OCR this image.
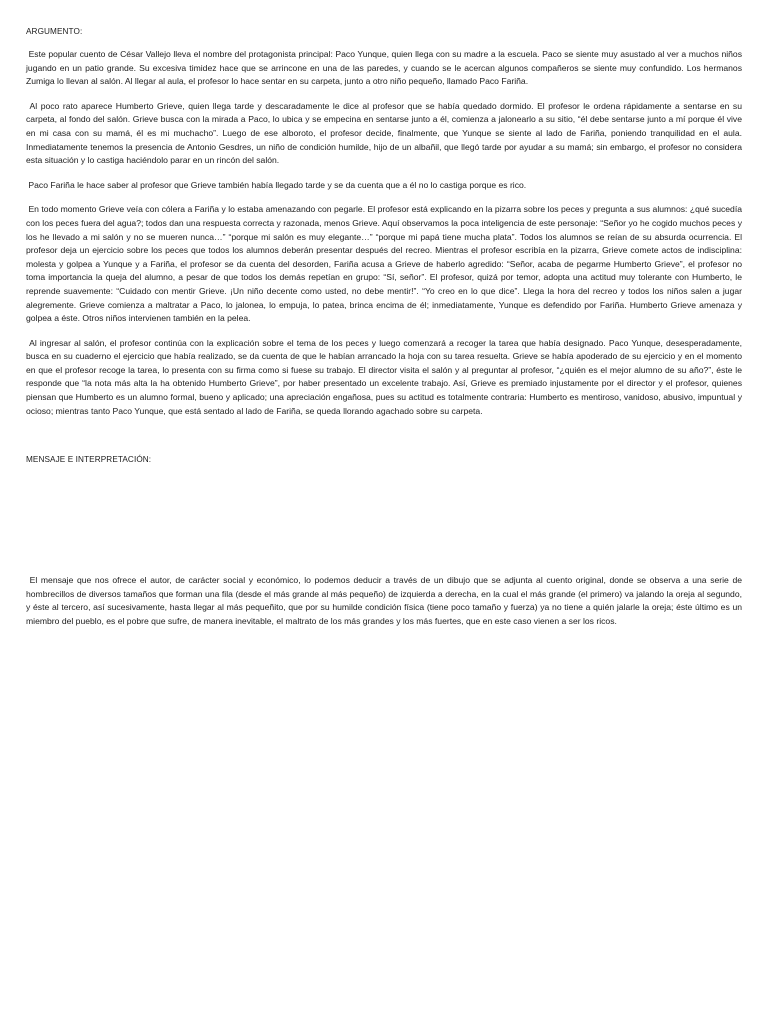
ARGUMENTO:

Este popular cuento de César Vallejo lleva el nombre del protagonista principal: Paco Yunque, quien llega con su madre a la escuela. Paco se siente muy asustado al ver a muchos niños jugando en un patio grande. Su excesiva timidez hace que se arrincone en una de las paredes, y cuando se le acercan algunos compañeros se siente muy confundido. Los hermanos Zumiga lo llevan al salón. Al llegar al aula, el profesor lo hace sentar en su carpeta, junto a otro niño pequeño, llamado Paco Fariña.

Al poco rato aparece Humberto Grieve, quien llega tarde y descaradamente le dice al profesor que se había quedado dormido. El profesor le ordena rápidamente a sentarse en su carpeta, al fondo del salón. Grieve busca con la mirada a Paco, lo ubica y se empecina en sentarse junto a él, comienza a jalonearlo a su sitio, “él debe sentarse junto a mí porque él vive en mi casa con su mamá, él es mi muchacho”. Luego de ese alboroto, el profesor decide, finalmente, que Yunque se siente al lado de Fariña, poniendo tranquilidad en el aula. Inmediatamente tenemos la presencia de Antonio Gesdres, un niño de condición humilde, hijo de un albañil, que llegó tarde por ayudar a su mamá; sin embargo, el profesor no considera esta situación y lo castiga haciéndolo parar en un rincón del salón.

Paco Fariña le hace saber al profesor que Grieve también había llegado tarde y se da cuenta que a él no lo castiga porque es rico.

En todo momento Grieve veía con cólera a Fariña y lo estaba amenazando con pegarle. El profesor está explicando en la pizarra sobre los peces y pregunta a sus alumnos: ¿qué sucedía con los peces fuera del agua?; todos dan una respuesta correcta y razonada, menos Grieve. Aquí observamos la poca inteligencia de este personaje: “Señor yo he cogido muchos peces y los he llevado a mi salón y no se mueren nunca…” “porque mi salón es muy elegante…” “porque mi papá tiene mucha plata”. Todos los alumnos se reían de su absurda ocurrencia. El profesor deja un ejercicio sobre los peces que todos los alumnos deberán presentar después del recreo. Mientras el profesor escribía en la pizarra, Grieve comete actos de indisciplina: molesta y golpea a Yunque y a Fariña, el profesor se da cuenta del desorden, Fariña acusa a Grieve de haberlo agredido: “Señor, acaba de pegarme Humberto Grieve”, el profesor no toma importancia la queja del alumno, a pesar de que todos los demás repetían en grupo: “Sí, señor”. El profesor, quizá por temor, adopta una actitud muy tolerante con Humberto, le reprende suavemente: “Cuidado con mentir Grieve. ¡Un niño decente como usted, no debe mentir!”. “Yo creo en lo que dice”. Llega la hora del recreo y todos los niños salen a jugar alegremente. Grieve comienza a maltratar a Paco, lo jalonea, lo empuja, lo patea, brinca encima de él; inmediatamente, Yunque es defendido por Fariña. Humberto Grieve amenaza y golpea a éste. Otros niños intervienen también en la pelea.

Al ingresar al salón, el profesor continúa con la explicación sobre el tema de los peces y luego comenzará a recoger la tarea que había designado. Paco Yunque, desesperadamente, busca en su cuaderno el ejercicio que había realizado, se da cuenta de que le habían arrancado la hoja con su tarea resuelta. Grieve se había apoderado de su ejercicio y en el momento en que el profesor recoge la tarea, lo presenta con su firma como si fuese su trabajo. El director visita el salón y al preguntar al profesor, “¿quién es el mejor alumno de su año?”, éste le responde que “la nota más alta la ha obtenido Humberto Grieve”, por haber presentado un excelente trabajo. Así, Grieve es premiado injustamente por el director y el profesor, quienes piensan que Humberto es un alumno formal, bueno y aplicado; una apreciación engañosa, pues su actitud es totalmente contraria: Humberto es mentiroso, vanidoso, abusivo, impuntual y ocioso; mientras tanto Paco Yunque, que está sentado al lado de Fariña, se queda llorando agachado sobre su carpeta.

MENSAJE E INTERPRETACIÓN:

El mensaje que nos ofrece el autor, de carácter social y económico, lo podemos deducir a través de un dibujo que se adjunta al cuento original, donde se observa a una serie de hombrecillos de diversos tamaños que forman una fila (desde el más grande al más pequeño) de izquierda a derecha, en la cual el más grande (el primero) va jalando la oreja al segundo, y éste al tercero, así sucesivamente, hasta llegar al más pequeñito, que por su humilde condición física (tiene poco tamaño y fuerza) ya no tiene a quién jalarle la oreja; éste último es un miembro del pueblo, es el pobre que sufre, de manera inevitable, el maltrato de los más grandes y los más fuertes, que en este caso vienen a ser los ricos.
